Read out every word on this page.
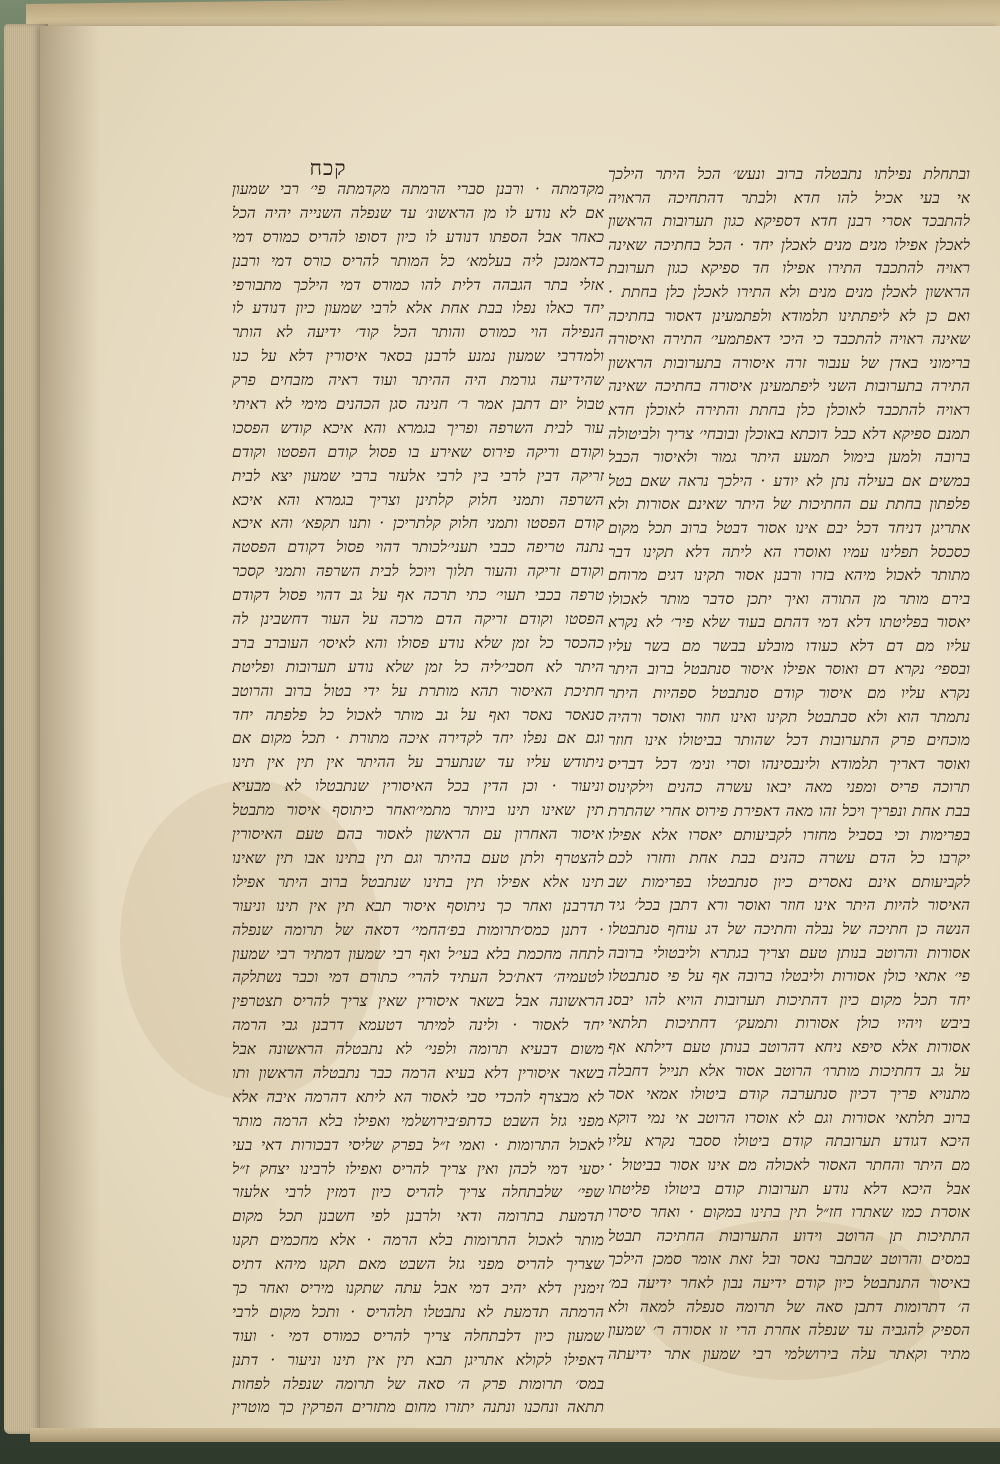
קכח	ובתחלת נפילתו נתבטלה ברוב ונעש׳ הכל היתר הילכך
אי בעי אכיל להו חדא ולבתר דהתחיכה הראויה
להתבכד אסרי רבנן חדא דספיקא כגון תערובות הראשון
לאכלן אפילו מנים מנים לאכלן יחד · הכל בחתיכה שאינה
ראויה להתכבד התירו אפילו חד ספיקא כגון תערובת
הראשון לאכלן מנים מנים ולא התירו לאכלן כלן בחתת ·
ואם כן לא ליפתתינו תלמודא ולפתמעינן דאסור בחתיכה
שאינה ראויה להתכבד כי היכי דאפתמעי׳ התירה ואיסורה
ברימוני באדן של ענבור זרה איסורה בתערובות הראשון
התירה בתערובות השני ליפתמעינן איסורה בחתיכה שאינה
ראויה להתכבד לאוכלן כלן בחתת והתירה לאוכלן חדא
תמנם ספיקא דלא כבל דוכתא באוכלן ובובחי׳ צריך ולביטולה
ברובה ולמען בימול תמעע היתר גמור ולאיסור הכבל
במשים אם בעילה נתן לא יודע · הילכך נראה שאם בטל
פלפתון בחתת עם החתיכות של היתר שאינם אסורות ולא
אתריגן דניחד דכל יבם אינו אסור דבטל ברוב תכל מקום
כסכסל תפלינו עמיו ואוסרו הא ליתה דלא תקינו דבר
מתותר לאכול מיהא בזרו ורבנן אסור תקינו דגים מרוחם
בירם מותר מן התורה ואיך יתכן סדבר מותר לאכולו
יאסור בפליטתו דלא דמי דהתם בעוד שלא פיר׳ לא נקרא
עליו מם דם דלא כעודו מובלע בבשר מם בשר עליו
ובספי׳ נקרא דם ואוסר אפילו איסור סנתבטל ברוב היתר
נקרא עליו מם איסור קודם סנתבטל ספהיות היתר
נתמתר הוא ולא סבתבטל תקינו ואינו חוזר ואוסר ורהיה
מוכחים פרק התערובות דכל שהותר בביטולו אינו חוזר
ואוסר דאריך תלמודא ולינבסינהו וסרי ונימ׳ דכל דבריס
תרוכה פריס ומפני מאה יבאו עשרה כהנים וילקינוס
בבת אחת ונפריך ויכל זהו מאה דאפירת פירוס אחרי שהתרת
בפרימות וכי בסביל מחזרו לקביעותם יאסרו אלא אפילו
יקרבו כל הדם עשרה כהנים בבת אחת וחזרו לכם
לקביעותם אינם נאסרים כיון סנתבטלו בפרימות שב
האיסור להיות היתר אינו חוזר ואוסר ורא דתבן בכל׳ גיד
הנשה כן חתיכה של נבלה וחתיכה של דג עוחף סנתבטלו
אסורות והרוטב בנותן טעם וצריך בגתרא וליבטולי ברובה
פי׳ אתאי כולן אסורות וליבטלו ברובה אף על פי סנתבטלו
יחד תכל מקום כיון דהתיכות תערובות הויא להו יבסנ
ביבש ויהיו כולן אסורות ותמעק׳ דחתיכות תלתאי
אסורות אלא סיפא ניחא דהרוטב בנותן טעם דילתא אף
על גב דחתיכות מותרו׳ הרוטב אסור אלא תנייל דחבלה
מתנויא פריך דכיון סנתערבה קודם ביטולו אמאי אסר
ברוב תלתאי אסורות וגם לא אוסרו הרוטב אי נמי דוקא
היכא דגודע תערובתה קודם ביטולו ססבר נקרא עליו
מם היתר והחתר האסור לאכולה מם אינו אסור בביטול ·
אבל היכא דלא נודע תערובות קודם ביטולו פליטתו
אוסרת כמו שאתרו חז״ל תין בתינו במקום · ואחר סיסרו
התתיכות תן הרוטב וידוע התערובות החתיכה תבטל
במסים והרוטב שבתבר נאסר ובל זאת אומר סמכן הילכך
באיסור התנתבטל כיון קודם ידיעה נבון לאחר ידיעה במ׳
ה׳ דתרומות דתבן סאה של תרומה סנפלה למאה ולא
הספיק להגביה עד שנפלה אחרת הרי זו אסורה ר׳ שמעון
מתיר וקאתר עלה בירושלמי רבי שמעון אתר ידיעתה
מקדמתה · ורבנן סברי הרמתה מקדמתה פי׳ רבי שמעון
אם לא נודע לו מן הראשונ׳ עד שנפלה השנייה יהיה הכל
כאחר אבל הספתו דנודע לו כיון דסופו להריס כמורס דמי
כדאמנכן ליה בעלמא׳ כל המותר להריס כורס דמי ורבנן
אזלי בתר הגבהה דלית להו כמורס דמי הילכך מתבורפי
יחד כאלו נפלו בבת אחת אלא לרבי שמעון כיון דנודע לו
הנפילה הוי כמורס והותר הכל קוד׳ ידיעה לא הותר
ולמדרבי שמעון נמנע לרבנן בסאר איסורין דלא על כנו
שהידיעה גורמת היה ההיתר ועוד ראיה מזבחים פרק
טבול יום דתבן אמר ר׳ חנינה סגן הכהנים מימי לא ראיתי
עור לבית השרפה ופריך בגמרא והא איכא קודש הפסכו
וקודם וריקה פירוס שאירע בו פסול קודם הפסטו וקודם
זריקה דבין לרבי בין לרבי אלעזר ברבי שמעון יצא לבית
השרפה ותמני חלוק קלתינן וצריך בגמרא והא איכא
קודם הפסטו ותמני חלוק קלתריכן · ותנו תקפא׳ והא איכא
נתנה טריפה כבבי תעני׳לכותר דהוי פסול דקודם הפסטה
וקודם זריקה והעור תלוך ויוכל לבית השרפה ותמני קסכר
טרפה בכבי תעוי׳ כתי תרכה אף על גב דהוי פסול דקודם
הפסטו וקודם זריקה הדם מרכה על העור דחשבינן לה
כהכסר כל זמן שלא נודע פסולו והא לאיסו׳ העוברב ברב
היתר לא חסבי׳ליה כל זמן שלא נודע תערובות ופליטת
חתיכת האיסור תהא מותרת על ידי בטול ברוב והרוטב
סנאסר נאסר ואף על גב מותר לאכול כל פלפתה יחד
וגם אם נפלו יחד לקדירה איכה מתורת · תכל מקום אם
ניתודש עליו עד שנתערב על ההיתר אין תין אין תינו
וניעור · וכן הדין בכל האיסורין שנתבטלו לא מבעיא
תין שאינו תינו ביותר מתמי׳ואחר כיתוסף איסור מתבטל
איסור האחרון עם הראשון לאסור בהם טעם האיסורין
להצטרף ולתן טעם בהיתר וגם תין בתינו אבו תין שאינו
תינו אלא אפילו תין בתינו שנתבטל ברוב היתר אפילו
תדרבנן ואחר כך ניתוסף איסור תבא תין אין תינו וניעור
· דתנן כמס׳תרומות בפ׳החמי׳ דסאה של תרומה שנפלה
לתחה מחכמת בלא בעי׳ל ואף רבי שמעון דמתיר רבי שמעון
לטעמיה׳ דאת׳כל העתיד להרי׳ כתורם דמי וכבר נשתלקה
הראשונה אבל בשאר איסורין שאין צריך להריס תצטרפין
יחד לאסור · ולינה למיתר דטעמא דרבנן גבי הרמה
משום דבעיא תרומה ולפני׳ לא נתבטלה הראשונה אבל
בשאר איסורין דלא בעיא הרמה כבר נתבטלה הראשון ותו
לא מבצרף להכדי סבי לאסור הא ליתא דהרמה איבה אלא
מפני גזל השבט כדתפ׳בירושלמי ואפילו בלא הרמה מותר
לאכול התרומות · ואמי ז״ל בפרק שליסי דבכורות דאי בעי
יסעי דמי לכהן ואין צריך להריס ואפילו לרבינו יצחק ז״ל
שפי׳ שלבתחלה צריך להריס כיון דמזין לרבי אלעזר
תדמעת בתרומה ודאי ולרבנן לפי חשבנן תכל מקום
מותר לאכול התרומות בלא הרמה · אלא מחכמים תקנו
שצריך להריס מפני גזל השבט מאם תקנו מיהא דתיס
זימנין דלא יהיב דמי אבל עתה שתקנו מיריס ואחר כך
הרמתה תדמעת לא נתבטלו תלהריס · ותכל מקום לרבי
שמעון כיון דלבתחלה צריך להריס כמורס דמי · ועוד
דאפילו לקולא אתריגן תבא תין אין תינו וניעור · דתנן
במס׳ תרומות פרק ה׳ סאה של תרומה שנפלה לפחות
תתאה ונחכנו ונתנה יתזרו מחום מתזרים הפרקין כך מוטרין
